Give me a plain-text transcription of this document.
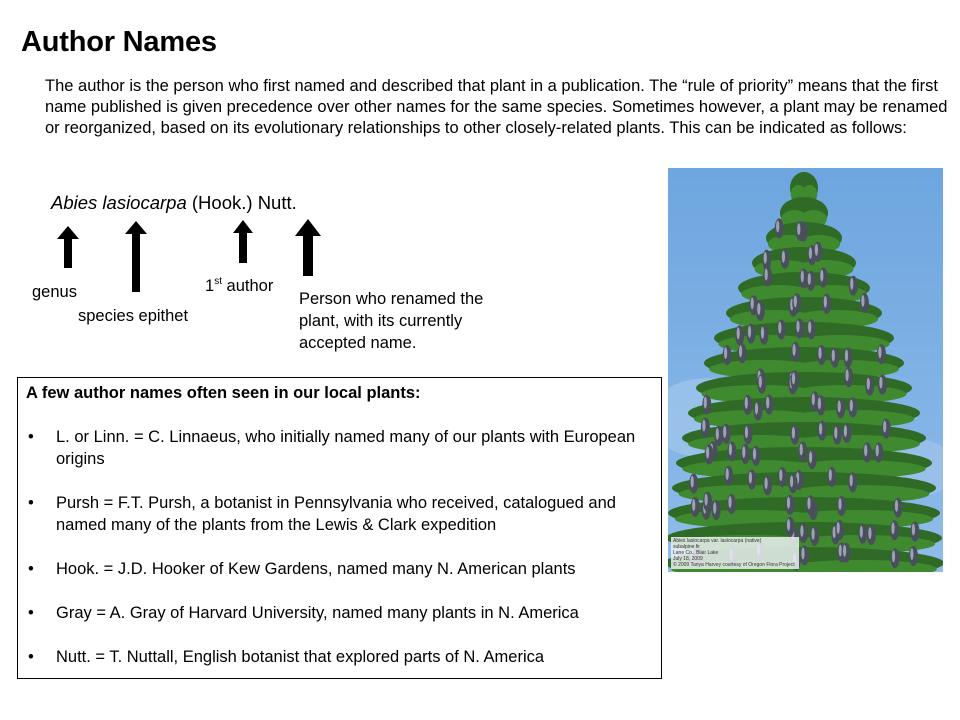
Author Names
The author is the person who first named and described that plant in a publication. The “rule of priority” means that the first name published is given precedence over other names for the same species. Sometimes however, a plant may be renamed or reorganized, based on its evolutionary relationships to other closely-related plants. This can be indicated as follows:
Abies lasiocarpa (Hook.) Nutt.
genus
species epithet
1st author
Person who renamed the
plant, with its currently
accepted name.
A few author names often seen in our local plants:
• L. or Linn. = C. Linnaeus, who initially named many of our plants with European origins
• Pursh = F.T. Pursh, a botanist in Pennsylvania who received, catalogued and named many of the plants from the Lewis & Clark expedition
• Hook. = J.D. Hooker of Kew Gardens, named many N. American plants
• Gray = A. Gray of Harvard University, named many plants in N. America
• Nutt. = T. Nuttall, English botanist that explored parts of N. America
Abies lasiocarpa var. lasiocarpa (native)
subalpine fir
Lane Co., Blair Lake
July 18, 2009
© 2009 Tanya Harvey courtesy of Oregon Flora Project
